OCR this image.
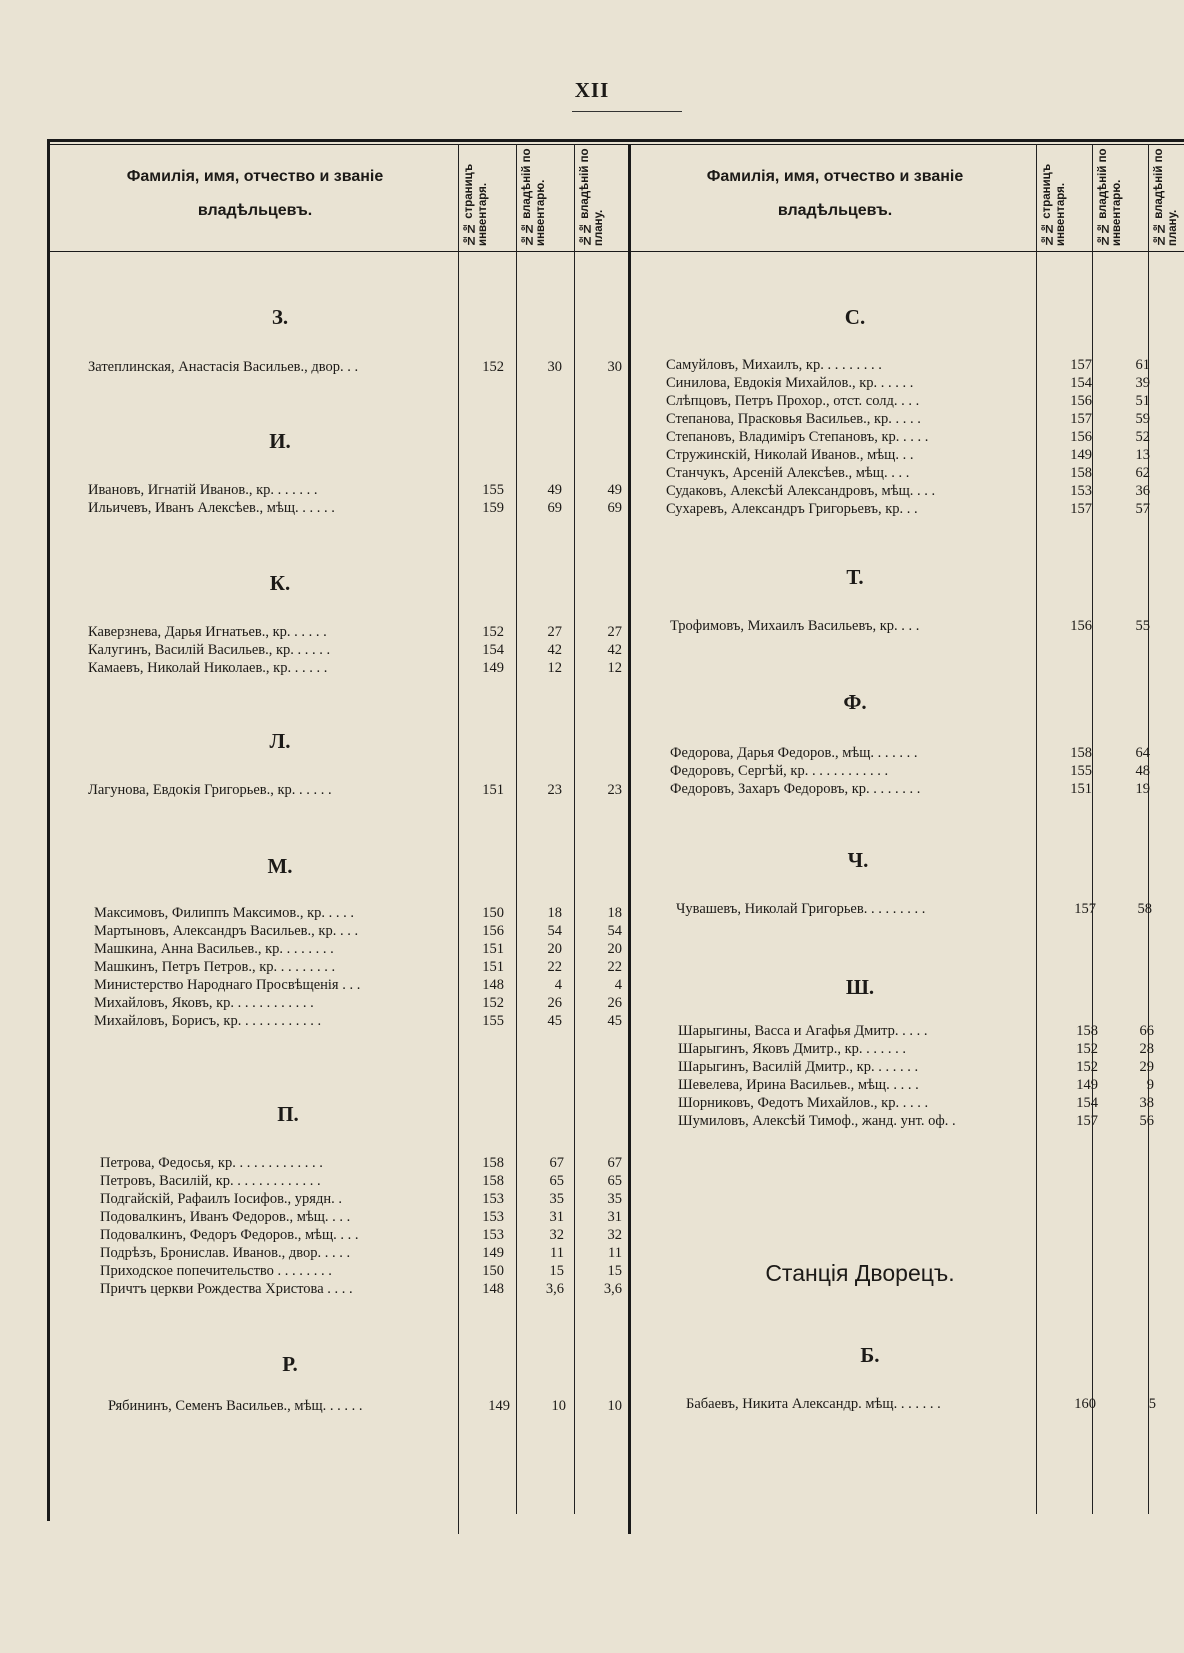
XII
Фамилія, имя, отчество и званіе владѣльцевъ.	№№ страницъ инвентаря.	№№ владѣній по инвентарю.	№№ владѣній по плану.
Фамилія, имя, отчество и званіе владѣльцевъ.	№№ страницъ инвентаря.	№№ владѣній по инвентарю.	№№ владѣній по плану.
З.
Затеплинская, Анастасія Васильев., двор. . .	152	30	30
И.
Ивановъ, Игнатій Иванов., кр. . . . . . .	155	49	49
Ильичевъ, Иванъ Алексѣев., мѣщ. . . . . .	159	69	69
К.
Каверзнева, Дарья Игнатьев., кр. . . . . .	152	27	27
Калугинъ, Василій Васильев., кр. . . . . .	154	42	42
Камаевъ, Николай Николаев., кр. . . . . .	149	12	12
Л.
Лагунова, Евдокія Григорьев., кр. . . . . .	151	23	23
М.
Максимовъ, Филиппъ Максимов., кр. . . . .	150	18	18
Мартыновъ, Александръ Васильев., кр. . . .	156	54	54
Машкина, Анна Васильев., кр. . . . . . . .	151	20	20
Машкинъ, Петръ Петров., кр. . . . . . . . .	151	22	22
Министерство Народнаго Просвѣщенія . . .	148	4	4
Михайловъ, Яковъ, кр. . . . . . . . . . . .	152	26	26
Михайловъ, Борисъ, кр. . . . . . . . . . . .	155	45	45
П.
Петрова, Федосья, кр. . . . . . . . . . . . .	158	67	67
Петровъ, Василій, кр. . . . . . . . . . . . .	158	65	65
Подгайскій, Рафаилъ Іосифов., урядн. .	153	35	35
Подовалкинъ, Иванъ Федоров., мѣщ. . . .	153	31	31
Подовалкинъ, Федоръ Федоров., мѣщ. . . .	153	32	32
Подрѣзъ, Бронислав. Иванов., двор. . . . .	149	11	11
Приходское попечительство . . . . . . . .	150	15	15
Причтъ церкви Рождества Христова . . . .	148	3,6	3,6
Р.
Рябининъ, Семенъ Васильев., мѣщ. . . . . .	149	10	10
С.
Самуйловъ, Михаилъ, кр. . . . . . . . .	157	61
Синилова, Евдокія Михайлов., кр. . . . . .	154	39
Слѣпцовъ, Петръ Прохор., отст. солд. . . .	156	51
Степанова, Прасковья Васильев., кр. . . . .	157	59
Степановъ, Владиміръ Степановъ, кр. . . . .	156	52
Стружинскій, Николай Иванов., мѣщ. . .	149	13
Станчукъ, Арсеній Алексѣев., мѣщ. . . .	158	62
Судаковъ, Алексѣй Александровъ, мѣщ. . . .	153	36
Сухаревъ, Александръ Григорьевъ, кр. . .	157	57
Т.
Трофимовъ, Михаилъ Васильевъ, кр. . . .	156	55
Ф.
Федорова, Дарья Федоров., мѣщ. . . . . . .	158	64
Федоровъ, Сергѣй, кр. . . . . . . . . . . .	155	48
Федоровъ, Захаръ Федоровъ, кр. . . . . . . .	151	19
Ч.
Чувашевъ, Николай Григорьев. . . . . . . . .	157	58
Ш.
Шарыгины, Васса и Агафья Дмитр. . . . .	158	66
Шарыгинъ, Яковъ Дмитр., кр. . . . . . .	152	28
Шарыгинъ, Василій Дмитр., кр. . . . . . .	152	29
Шевелева, Ирина Васильев., мѣщ. . . . .	149	9
Шорниковъ, Федотъ Михайлов., кр. . . . .	154	38
Шумиловъ, Алексѣй Тимоф., жанд. унт. оф. .	157	56
Станція Дворецъ.
Б.
Бабаевъ, Никита Александр. мѣщ. . . . . . .	160	5
